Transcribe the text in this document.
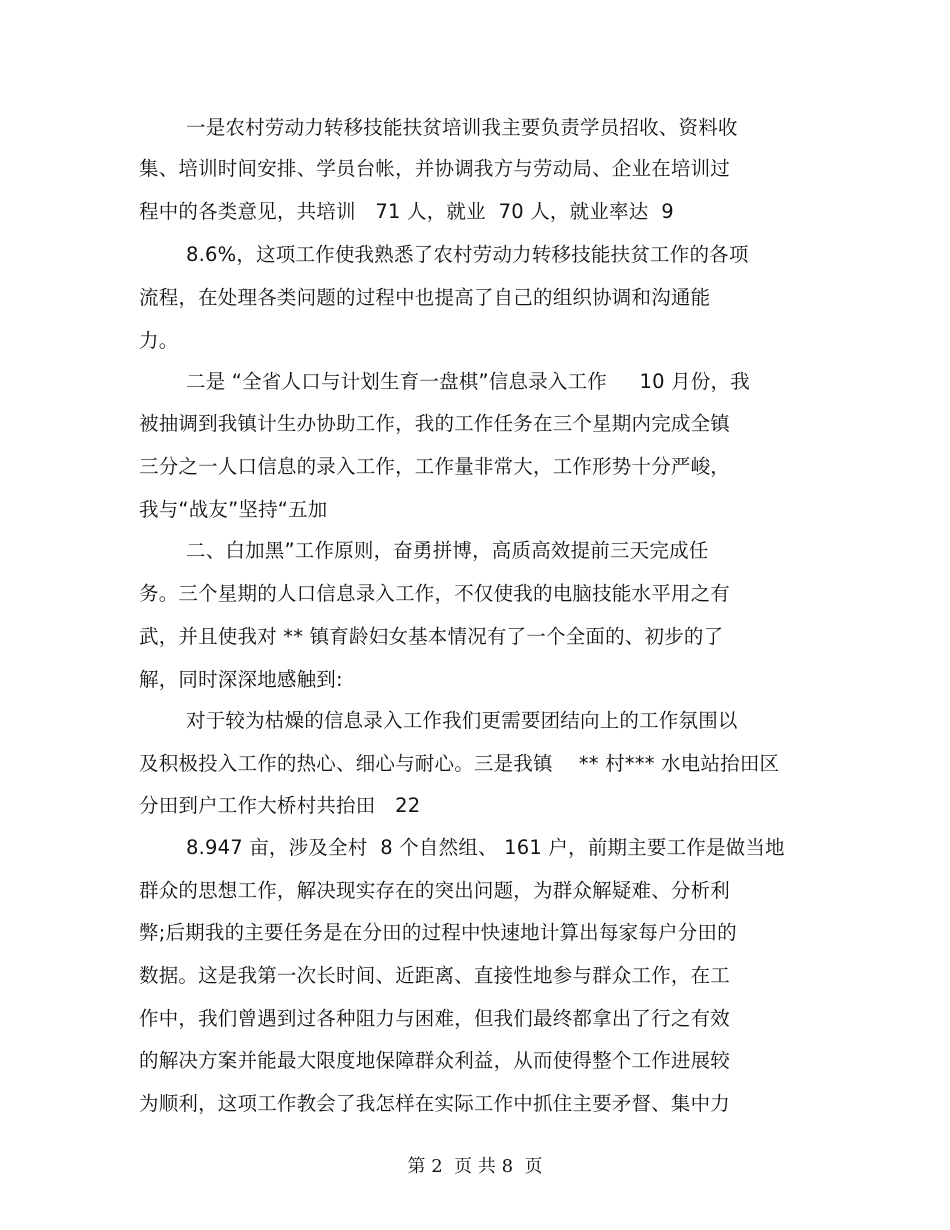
一是农村劳动力转移技能扶贫培训我主要负责学员招收、资料收
集、培训时间安排、学员台帐，并协调我方与劳动局、企业在培训过
程中的各类意见，共培训　71 人，就业  70 人，就业率达  9
8.6%，这项工作使我熟悉了农村劳动力转移技能扶贫工作的各项
流程，在处理各类问题的过程中也提高了自己的组织协调和沟通能
力。
二是 “全省人口与计划生育一盘棋”信息录入工作　  10 月份，我
被抽调到我镇计生办协助工作，我的工作任务在三个星期内完成全镇
三分之一人口信息的录入工作，工作量非常大，工作形势十分严峻，
我与“战友”坚持“五加
二、白加黑”工作原则，奋勇拼博，高质高效提前三天完成任
务。三个星期的人口信息录入工作，不仅使我的电脑技能水平用之有
武，并且使我对 ** 镇育龄妇女基本情况有了一个全面的、初步的了
解，同时深深地感触到:
对于较为枯燥的信息录入工作我们更需要团结向上的工作氛围以
及积极投入工作的热心、细心与耐心。三是我镇　 ** 村*** 水电站抬田区
分田到户工作大桥村共抬田　22
8.947 亩，涉及全村  8 个自然组、 161 户，前期主要工作是做当地
群众的思想工作，解决现实存在的突出问题，为群众解疑难、分析利
弊;后期我的主要任务是在分田的过程中快速地计算出每家每户分田的
数据。这是我第一次长时间、近距离、直接性地参与群众工作，在工
作中，我们曾遇到过各种阻力与困难，但我们最终都拿出了行之有效
的解决方案并能最大限度地保障群众利益，从而使得整个工作进展较
为顺利，这项工作教会了我怎样在实际工作中抓住主要矛督、集中力
第 2  页 共 8  页
